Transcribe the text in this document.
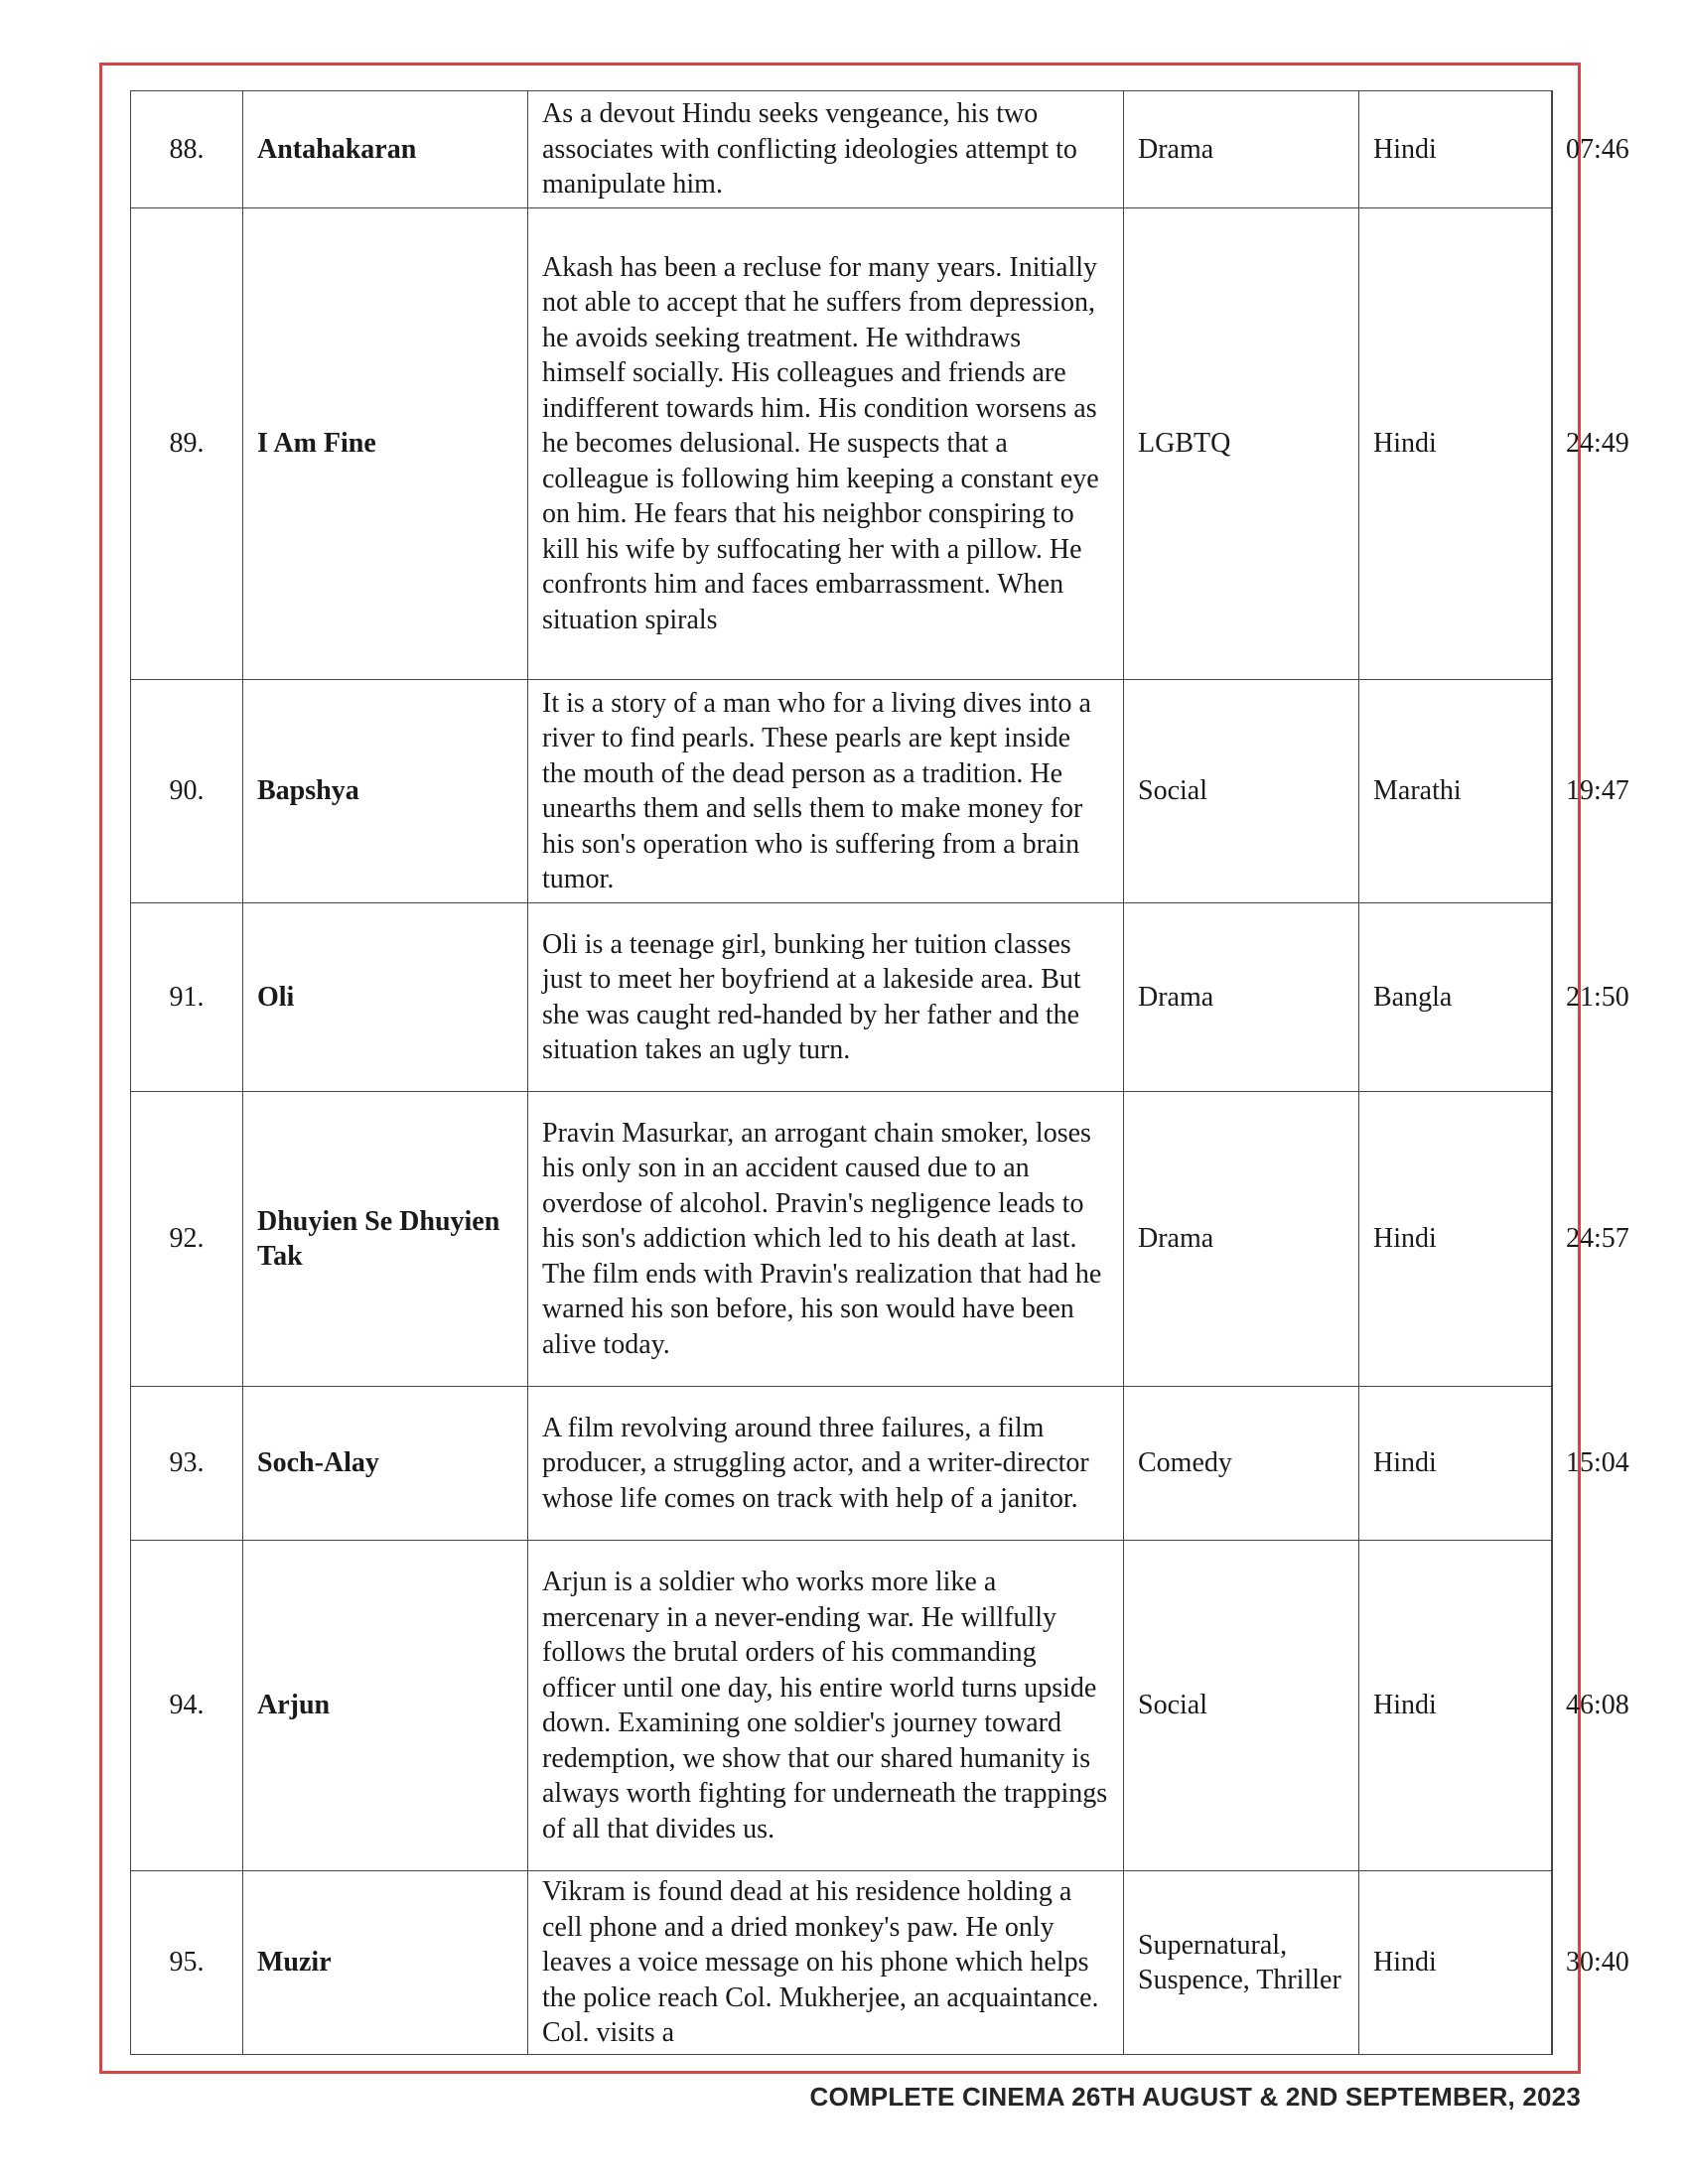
88.	Antahakaran	As a devout Hindu seeks vengeance, his two associates with conflicting ideologies attempt to manipulate him.	Drama	Hindi	07:46
89.	I Am Fine	Akash has been a recluse for many years. Initially not able to accept that he suffers from depression, he avoids seeking treatment. He withdraws himself socially. His colleagues and friends are indifferent towards him. His condition worsens as he becomes delusional. He suspects that a colleague is following him keeping a constant eye on him. He fears that his neighbor conspiring to kill his wife by suffocating her with a pillow. He confronts him and faces embarrassment. When situation spirals	LGBTQ	Hindi	24:49
90.	Bapshya	It is a story of a man who for a living dives into a river to find pearls. These pearls are kept inside the mouth of the dead person as a tradition. He unearths them and sells them to make money for his son's operation who is suffering from a brain tumor.	Social	Marathi	19:47
91.	Oli	Oli is a teenage girl, bunking her tuition classes just to meet her boyfriend at a lakeside area. But she was caught red-handed by her father and the situation takes an ugly turn.	Drama	Bangla	21:50
92.	Dhuyien Se Dhuyien Tak	Pravin Masurkar, an arrogant chain smoker, loses his only son in an accident caused due to an overdose of alcohol. Pravin's negligence leads to his son's addiction which led to his death at last. The film ends with Pravin's realization that had he warned his son before, his son would have been alive today.	Drama	Hindi	24:57
93.	Soch-Alay	A film revolving around three failures, a film producer, a struggling actor, and a writer-director whose life comes on track with help of a janitor.	Comedy	Hindi	15:04
94.	Arjun	Arjun is a soldier who works more like a mercenary in a never-ending war. He willfully follows the brutal orders of his commanding officer until one day, his entire world turns upside down. Examining one soldier's journey toward redemption, we show that our shared humanity is always worth fighting for underneath the trappings of all that divides us.	Social	Hindi	46:08
95.	Muzir	Vikram is found dead at his residence holding a cell phone and a dried monkey's paw. He only leaves a voice message on his phone which helps the police reach Col. Mukherjee, an acquaintance. Col. visits a	Supernatural, Suspence, Thriller	Hindi	30:40
COMPLETE CINEMA 26TH AUGUST & 2ND SEPTEMBER, 2023
